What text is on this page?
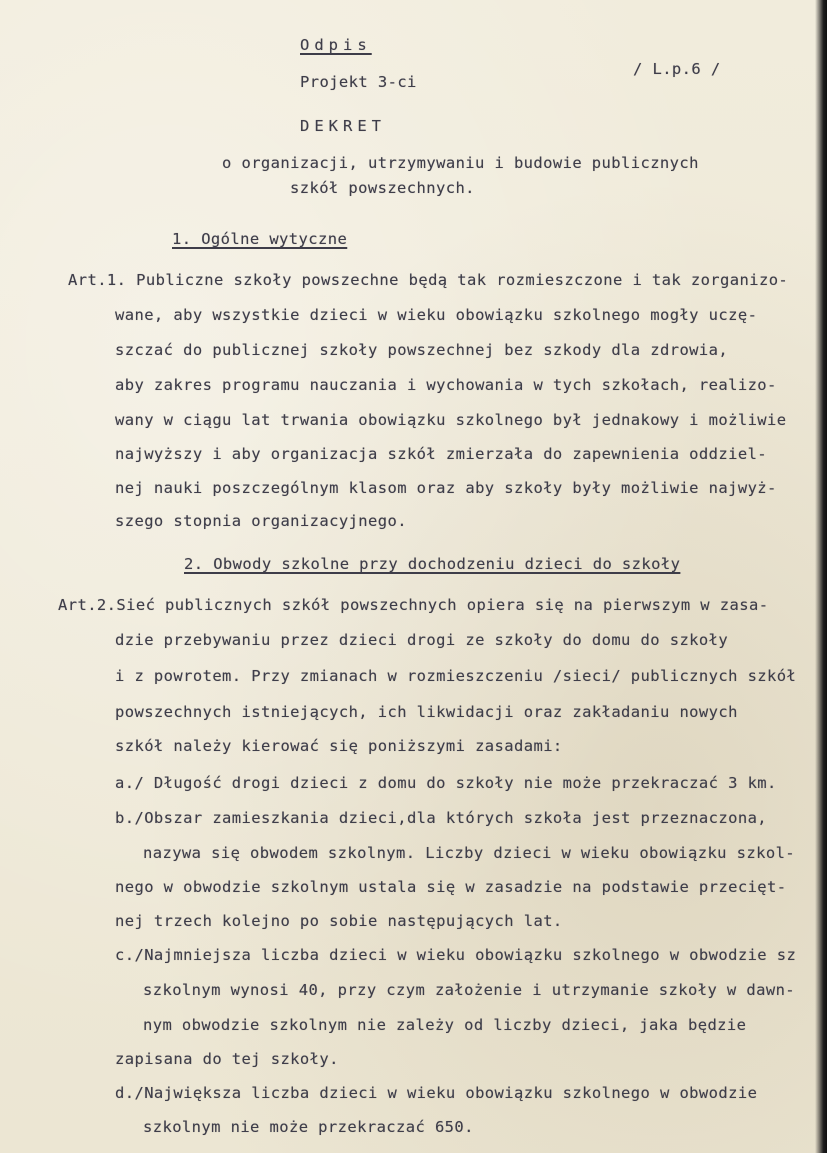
Odpis
Projekt 3-ci
/ L.p.6 /
DEKRET
o organizacji, utrzymywaniu i budowie publicznych
szkół powszechnych.
1. Ogólne wytyczne
Art.1. Publiczne szkoły powszechne będą tak rozmieszczone i tak zorganizo-
wane, aby wszystkie dzieci w wieku obowiązku szkolnego mogły uczę-
szczać do publicznej szkoły powszechnej bez szkody dla zdrowia,
aby zakres programu nauczania i wychowania w tych szkołach, realizo-
wany w ciągu lat trwania obowiązku szkolnego był jednakowy i możliwie
najwyższy i aby organizacja szkół zmierzała do zapewnienia oddziel-
nej nauki poszczególnym klasom oraz aby szkoły były możliwie najwyż-
szego stopnia organizacyjnego.
2. Obwody szkolne przy dochodzeniu dzieci do szkoły
Art.2.Sieć publicznych szkół powszechnych opiera się na pierwszym w zasa-
dzie przebywaniu przez dzieci drogi ze szkoły do domu do szkoły
i z powrotem. Przy zmianach w rozmieszczeniu /sieci/ publicznych szkół
powszechnych istniejących, ich likwidacji oraz zakładaniu nowych
szkół należy kierować się poniższymi zasadami:
a./ Długość drogi dzieci z domu do szkoły nie może przekraczać 3 km.
b./Obszar zamieszkania dzieci,dla których szkoła jest przeznaczona,
nazywa się obwodem szkolnym. Liczby dzieci w wieku obowiązku szkol-
nego w obwodzie szkolnym ustala się w zasadzie na podstawie przecięt-
nej trzech kolejno po sobie następujących lat.
c./Najmniejsza liczba dzieci w wieku obowiązku szkolnego w obwodzie sz
szkolnym wynosi 40, przy czym założenie i utrzymanie szkoły w dawn-
nym obwodzie szkolnym nie zależy od liczby dzieci, jaka będzie
zapisana do tej szkoły.
d./Największa liczba dzieci w wieku obowiązku szkolnego w obwodzie
szkolnym nie może przekraczać 650.
